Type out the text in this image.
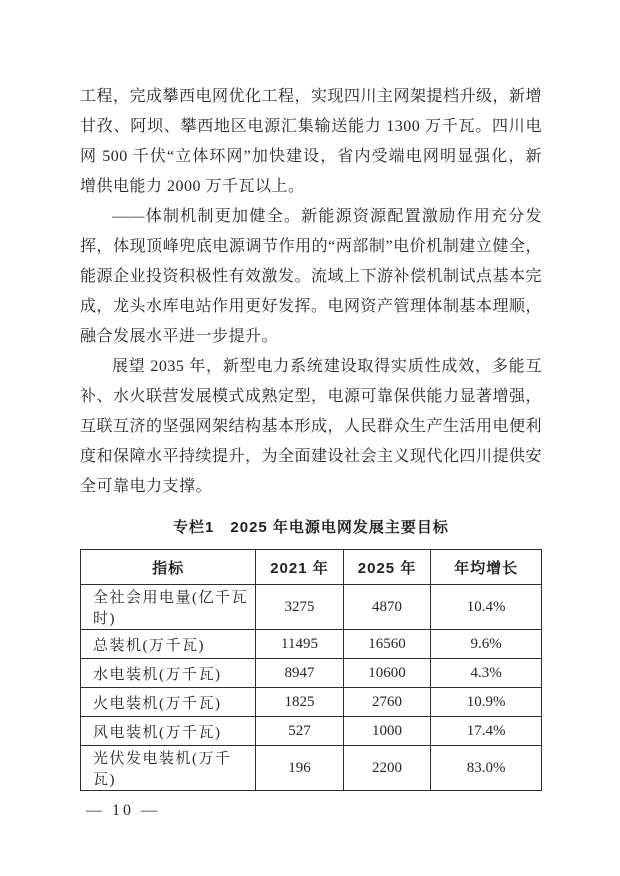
工程，完成攀西电网优化工程，实现四川主网架提档升级，新增甘孜、阿坝、攀西地区电源汇集输送能力 1300 万千瓦。四川电网 500 千伏“立体环网”加快建设，省内受端电网明显强化，新增供电能力 2000 万千瓦以上。

——体制机制更加健全。新能源资源配置激励作用充分发挥，体现顶峰兜底电源调节作用的“两部制”电价机制建立健全，能源企业投资积极性有效激发。流域上下游补偿机制试点基本完成，龙头水库电站作用更好发挥。电网资产管理体制基本理顺，融合发展水平进一步提升。

展望 2035 年，新型电力系统建设取得实质性成效，多能互补、水火联营发展模式成熟定型，电源可靠保供能力显著增强，互联互济的坚强网架结构基本形成，人民群众生产生活用电便利度和保障水平持续提升，为全面建设社会主义现代化四川提供安全可靠电力支撑。

专栏1　2025 年电源电网发展主要目标
指标	2021 年	2025 年	年均增长
全社会用电量(亿千瓦时)	3275	4870	10.4%
总装机(万千瓦)	11495	16560	9.6%
水电装机(万千瓦)	8947	10600	4.3%
火电装机(万千瓦)	1825	2760	10.9%
风电装机(万千瓦)	527	1000	17.4%
光伏发电装机(万千瓦)	196	2200	83.0%
— 10 —
